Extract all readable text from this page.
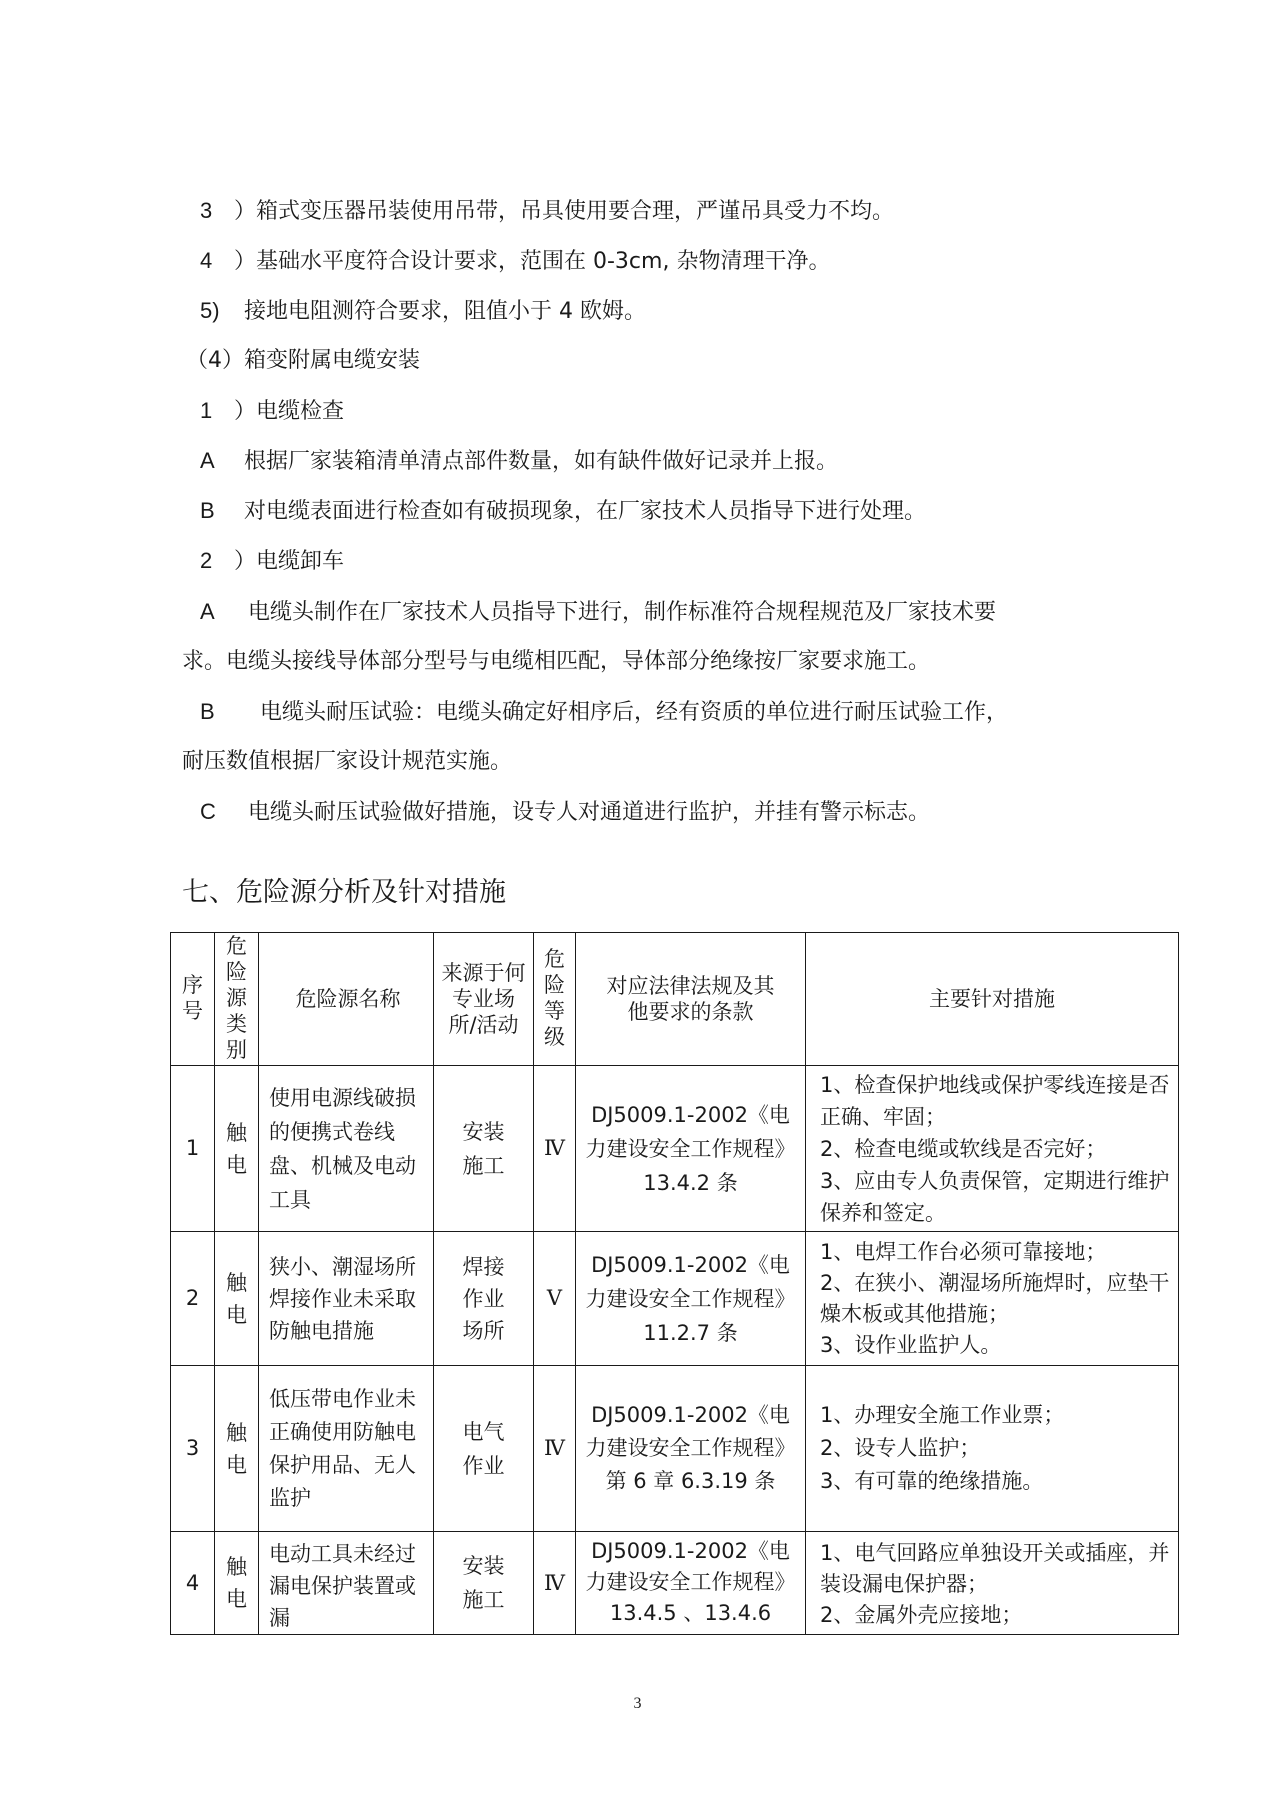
3 ）箱式变压器吊装使用吊带，吊具使用要合理，严谨吊具受力不均。
4 ）基础水平度符合设计要求，范围在 0-3cm, 杂物清理干净。
5) 接地电阻测符合要求，阻值小于 4 欧姆。
（4）箱变附属电缆安装
1 ）电缆检查
A 根据厂家装箱清单清点部件数量，如有缺件做好记录并上报。
B 对电缆表面进行检查如有破损现象，在厂家技术人员指导下进行处理。
2 ）电缆卸车
A 电缆头制作在厂家技术人员指导下进行，制作标准符合规程规范及厂家技术要
求。电缆头接线导体部分型号与电缆相匹配，导体部分绝缘按厂家要求施工。
B 电缆头耐压试验：电缆头确定好相序后，经有资质的单位进行耐压试验工作，
耐压数值根据厂家设计规范实施。
C 电缆头耐压试验做好措施，设专人对通道进行监护，并挂有警示标志。
七、危险源分析及针对措施
序号	危险源类别	危险源名称	来源于何专业场所/活动	危险等级	对应法律法规及其他要求的条款	主要针对措施
1	触电	使用电源线破损的便携式卷线盘、机械及电动工具	安装施工	Ⅳ	DJ5009.1-2002《电力建设安全工作规程》 13.4.2 条	1、检查保护地线或保护零线连接是否正确、牢固；
2、检查电缆或软线是否完好；
3、应由专人负责保管，定期进行维护保养和签定。

2	触电	狭小、潮湿场所焊接作业未采取防触电措施	焊接作业场所	Ⅴ	DJ5009.1-2002《电力建设安全工作规程》 11.2.7 条	1、电焊工作台必须可靠接地；
2、在狭小、潮湿场所施焊时，应垫干燥木板或其他措施；
3、设作业监护人。

3	触电	低压带电作业未正确使用防触电保护用品、无人监护	电气作业	Ⅳ	DJ5009.1-2002《电力建设安全工作规程》第 6 章 6.3.19 条	1、办理安全施工作业票；
2、设专人监护；
3、有可靠的绝缘措施。

4	触电	电动工具未经过漏电保护装置或漏	安装施工	Ⅳ	DJ5009.1-2002《电力建设安全工作规程》13.4.5 、13.4.6	1、电气回路应单独设开关或插座，并装设漏电保护器；
2、金属外壳应接地；
3
